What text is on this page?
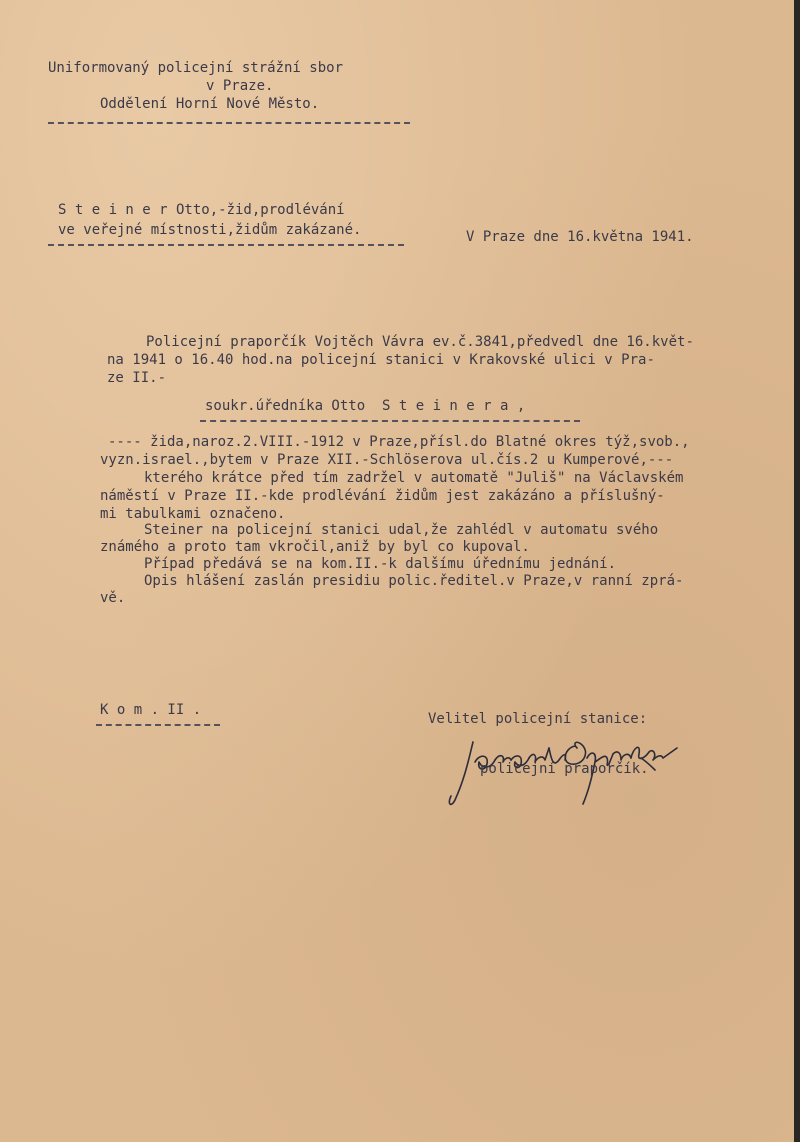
Uniformovaný policejní strážní sbor
v Praze.
Oddělení Horní Nové Město.
S t e i n e r Otto,-žid,prodlévání
ve veřejné místnosti,židům zakázané.	V Praze dne 16.května 1941.
Policejní praporčík Vojtěch Vávra ev.č.3841,předvedl dne 16.květ-
na 1941 o 16.40 hod.na policejní stanici v Krakovské ulici v Pra-
ze II.-
soukr.úředníka Otto  S t e i n e r a ,
---- žida,naroz.2.VIII.-1912 v Praze,přísl.do Blatné okres týž,svob.,
vyzn.israel.,bytem v Praze XII.-Schlöserova ul.čís.2 u Kumperové,---
kterého krátce před tím zadržel v automatě "Juliš" na Václavském
náměstí v Praze II.-kde prodlévání židům jest zakázáno a příslušný-
mi tabulkami označeno.
Steiner na policejní stanici udal,že zahlédl v automatu svého
známého a proto tam vkročil,aniž by byl co kupoval.
Případ předává se na kom.II.-k dalšímu úřednímu jednání.
Opis hlášení zaslán presidiu polic.ředitel.v Praze,v ranní zprá-
vě.
K o m . II .
Velitel policejní stanice:
policejní praporčík.
